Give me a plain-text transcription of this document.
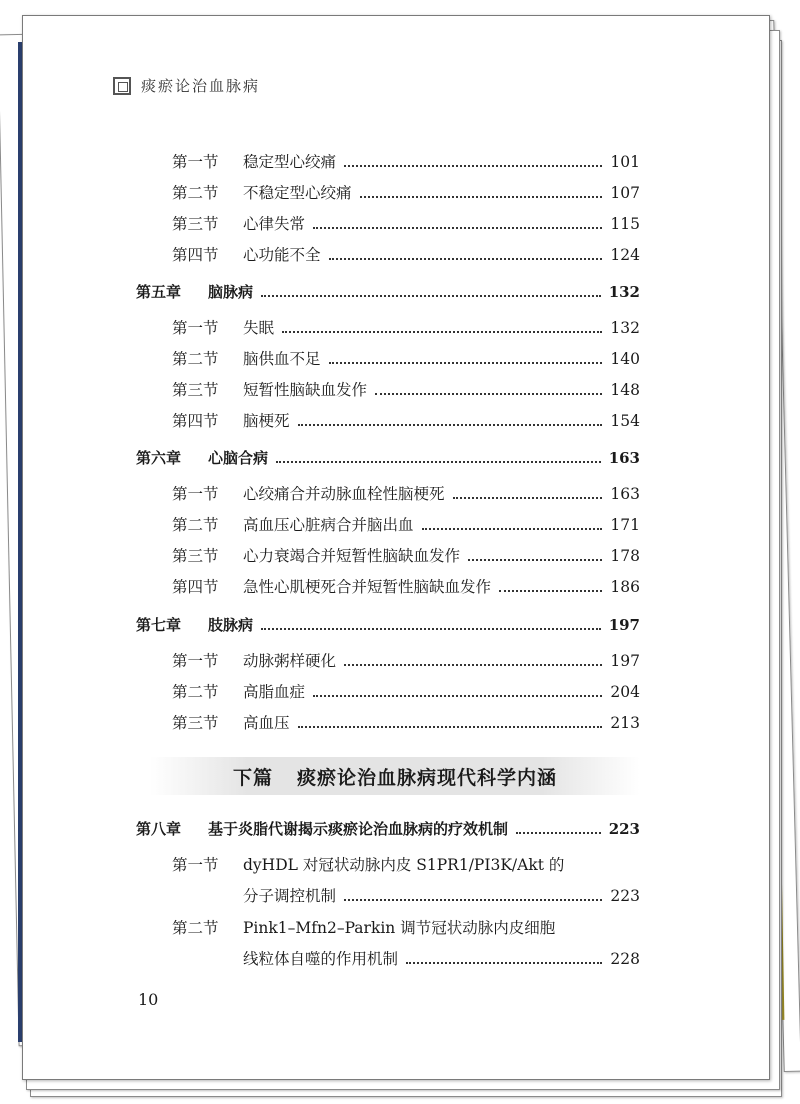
痰瘀论治血脉病
第一节	稳定型心绞痛	101
第二节	不稳定型心绞痛	107
第三节	心律失常	115
第四节	心功能不全	124
第五章	脑脉病	132
第一节	失眠	132
第二节	脑供血不足	140
第三节	短暂性脑缺血发作	148
第四节	脑梗死	154
第六章	心脑合病	163
第一节	心绞痛合并动脉血栓性脑梗死	163
第二节	高血压心脏病合并脑出血	171
第三节	心力衰竭合并短暂性脑缺血发作	178
第四节	急性心肌梗死合并短暂性脑缺血发作	186
第七章	肢脉病	197
第一节	动脉粥样硬化	197
第二节	高脂血症	204
第三节	高血压	213
第八章	基于炎脂代谢揭示痰瘀论治血脉病的疗效机制	223
第一节	dyHDL 对冠状动脉内皮 S1PR1/PI3K/Akt 的
分子调控机制	223
第二节	Pink1–Mfn2–Parkin 调节冠状动脉内皮细胞
线粒体自噬的作用机制	228
下篇 痰瘀论治血脉病现代科学内涵
10
